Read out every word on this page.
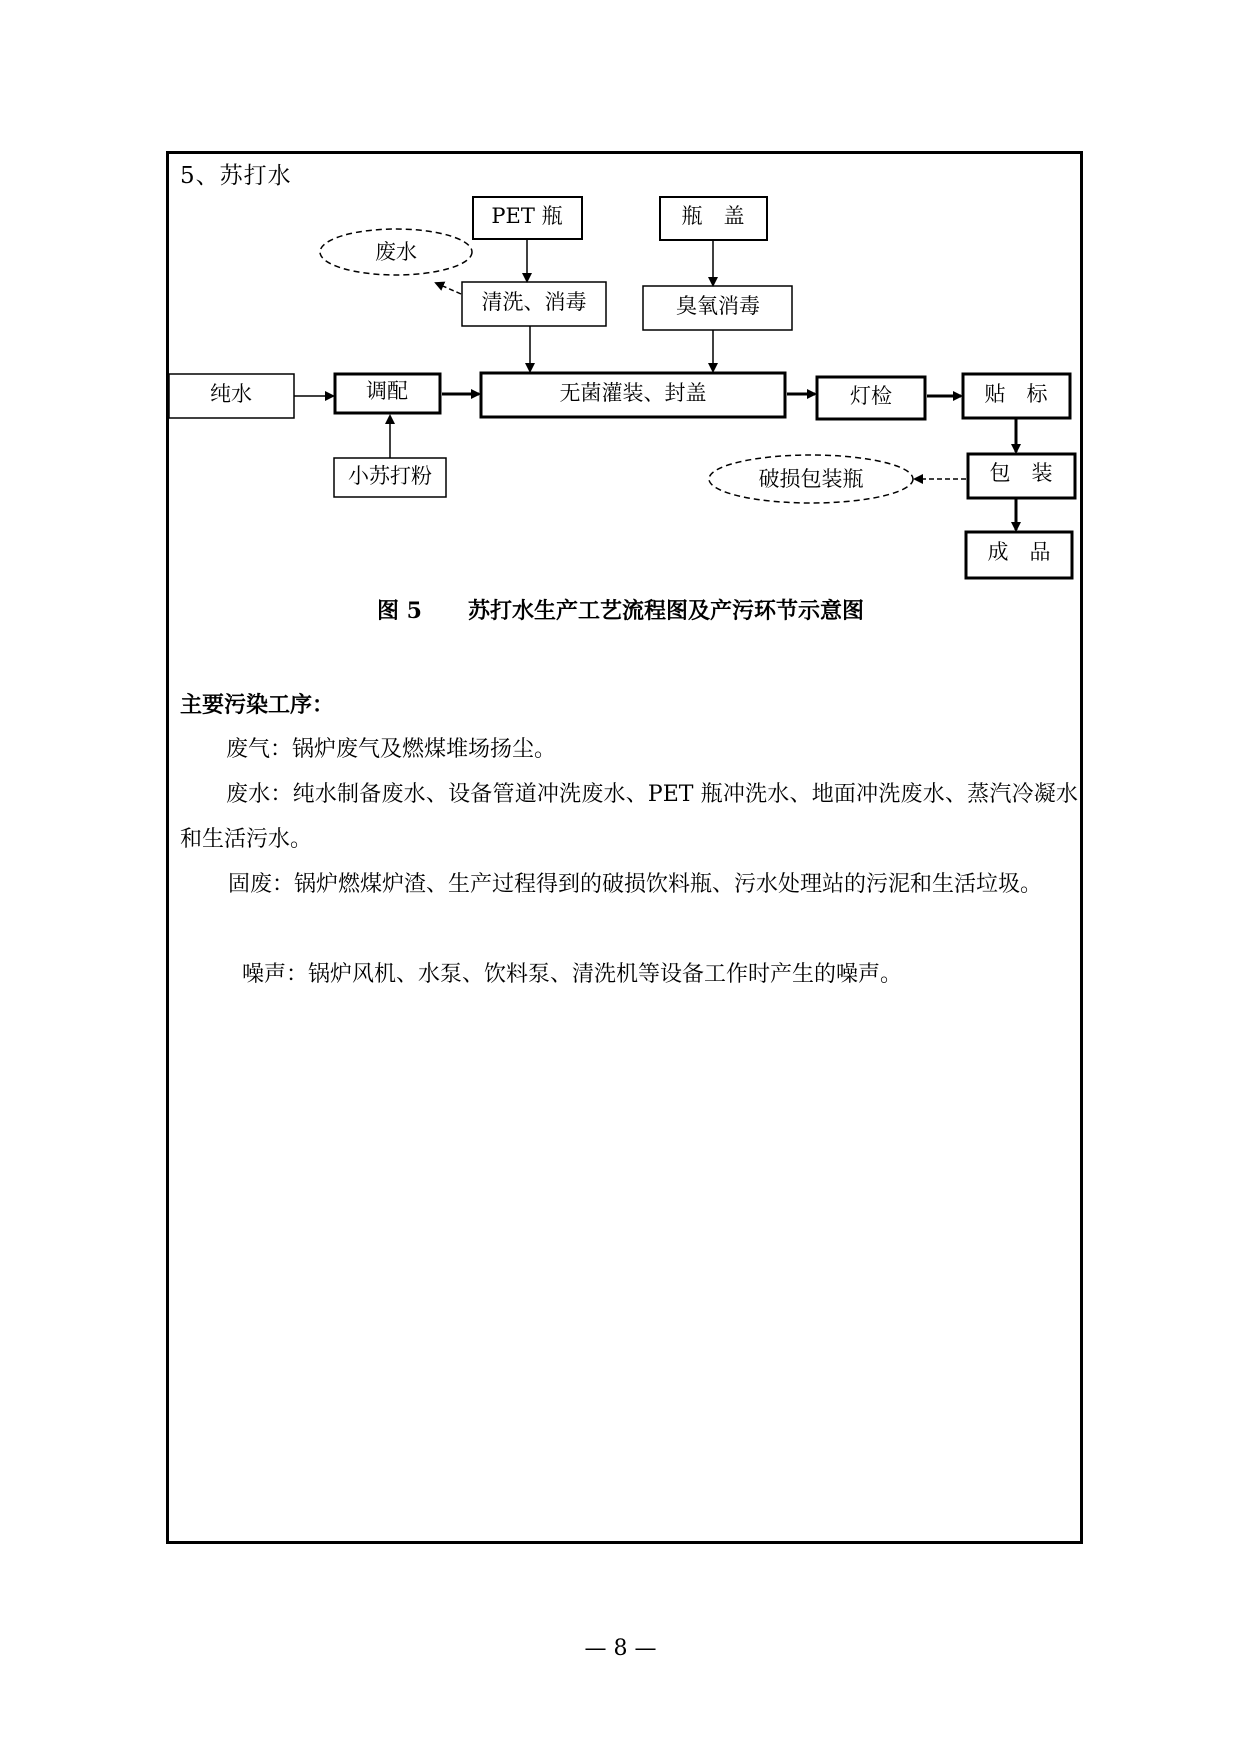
5、苏打水
PET 瓶	瓶　盖
废水
清洗、消毒	臭氧消毒
纯水	调配	无菌灌装、封盖	灯检	贴　标
小苏打粉	包　装
破损包装瓶
成　品
图 5 苏打水生产工艺流程图及产污环节示意图
主要污染工序：
废气：锅炉废气及燃煤堆场扬尘。
废水：纯水制备废水、设备管道冲洗废水、PET 瓶冲洗水、地面冲洗废水、蒸汽冷凝水和生活污水。
固废：锅炉燃煤炉渣、生产过程得到的破损饮料瓶、污水处理站的污泥和生活垃圾。
噪声：锅炉风机、水泵、饮料泵、清洗机等设备工作时产生的噪声。
— 8 —
